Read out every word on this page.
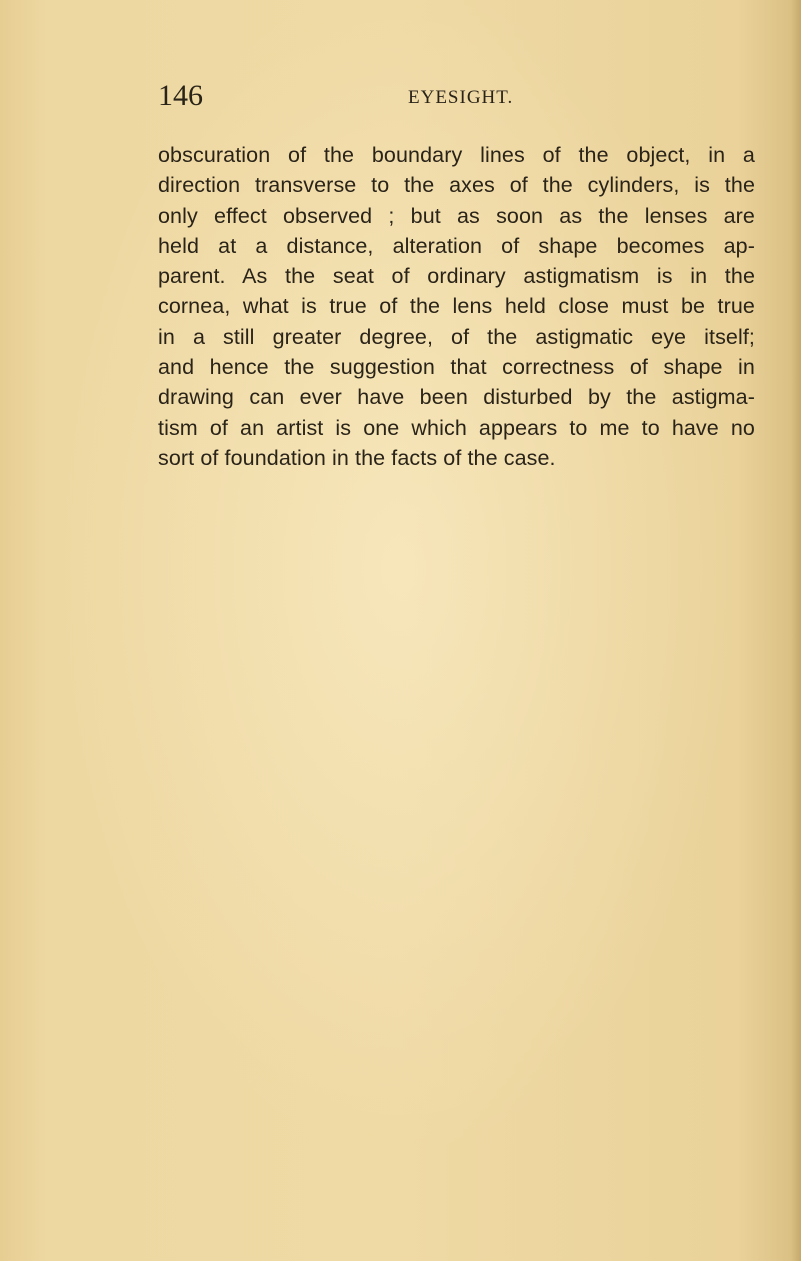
146	EYESIGHT.
obscuration of the boundary lines of the object, in a
direction transverse to the axes of the cylinders, is the
only effect observed ; but as soon as the lenses are
held at a distance, alteration of shape becomes ap-
parent. As the seat of ordinary astigmatism is in the
cornea, what is true of the lens held close must be true
in a still greater degree, of the astigmatic eye itself;
and hence the suggestion that correctness of shape in
drawing can ever have been disturbed by the astigma-
tism of an artist is one which appears to me to have no
sort of foundation in the facts of the case.
